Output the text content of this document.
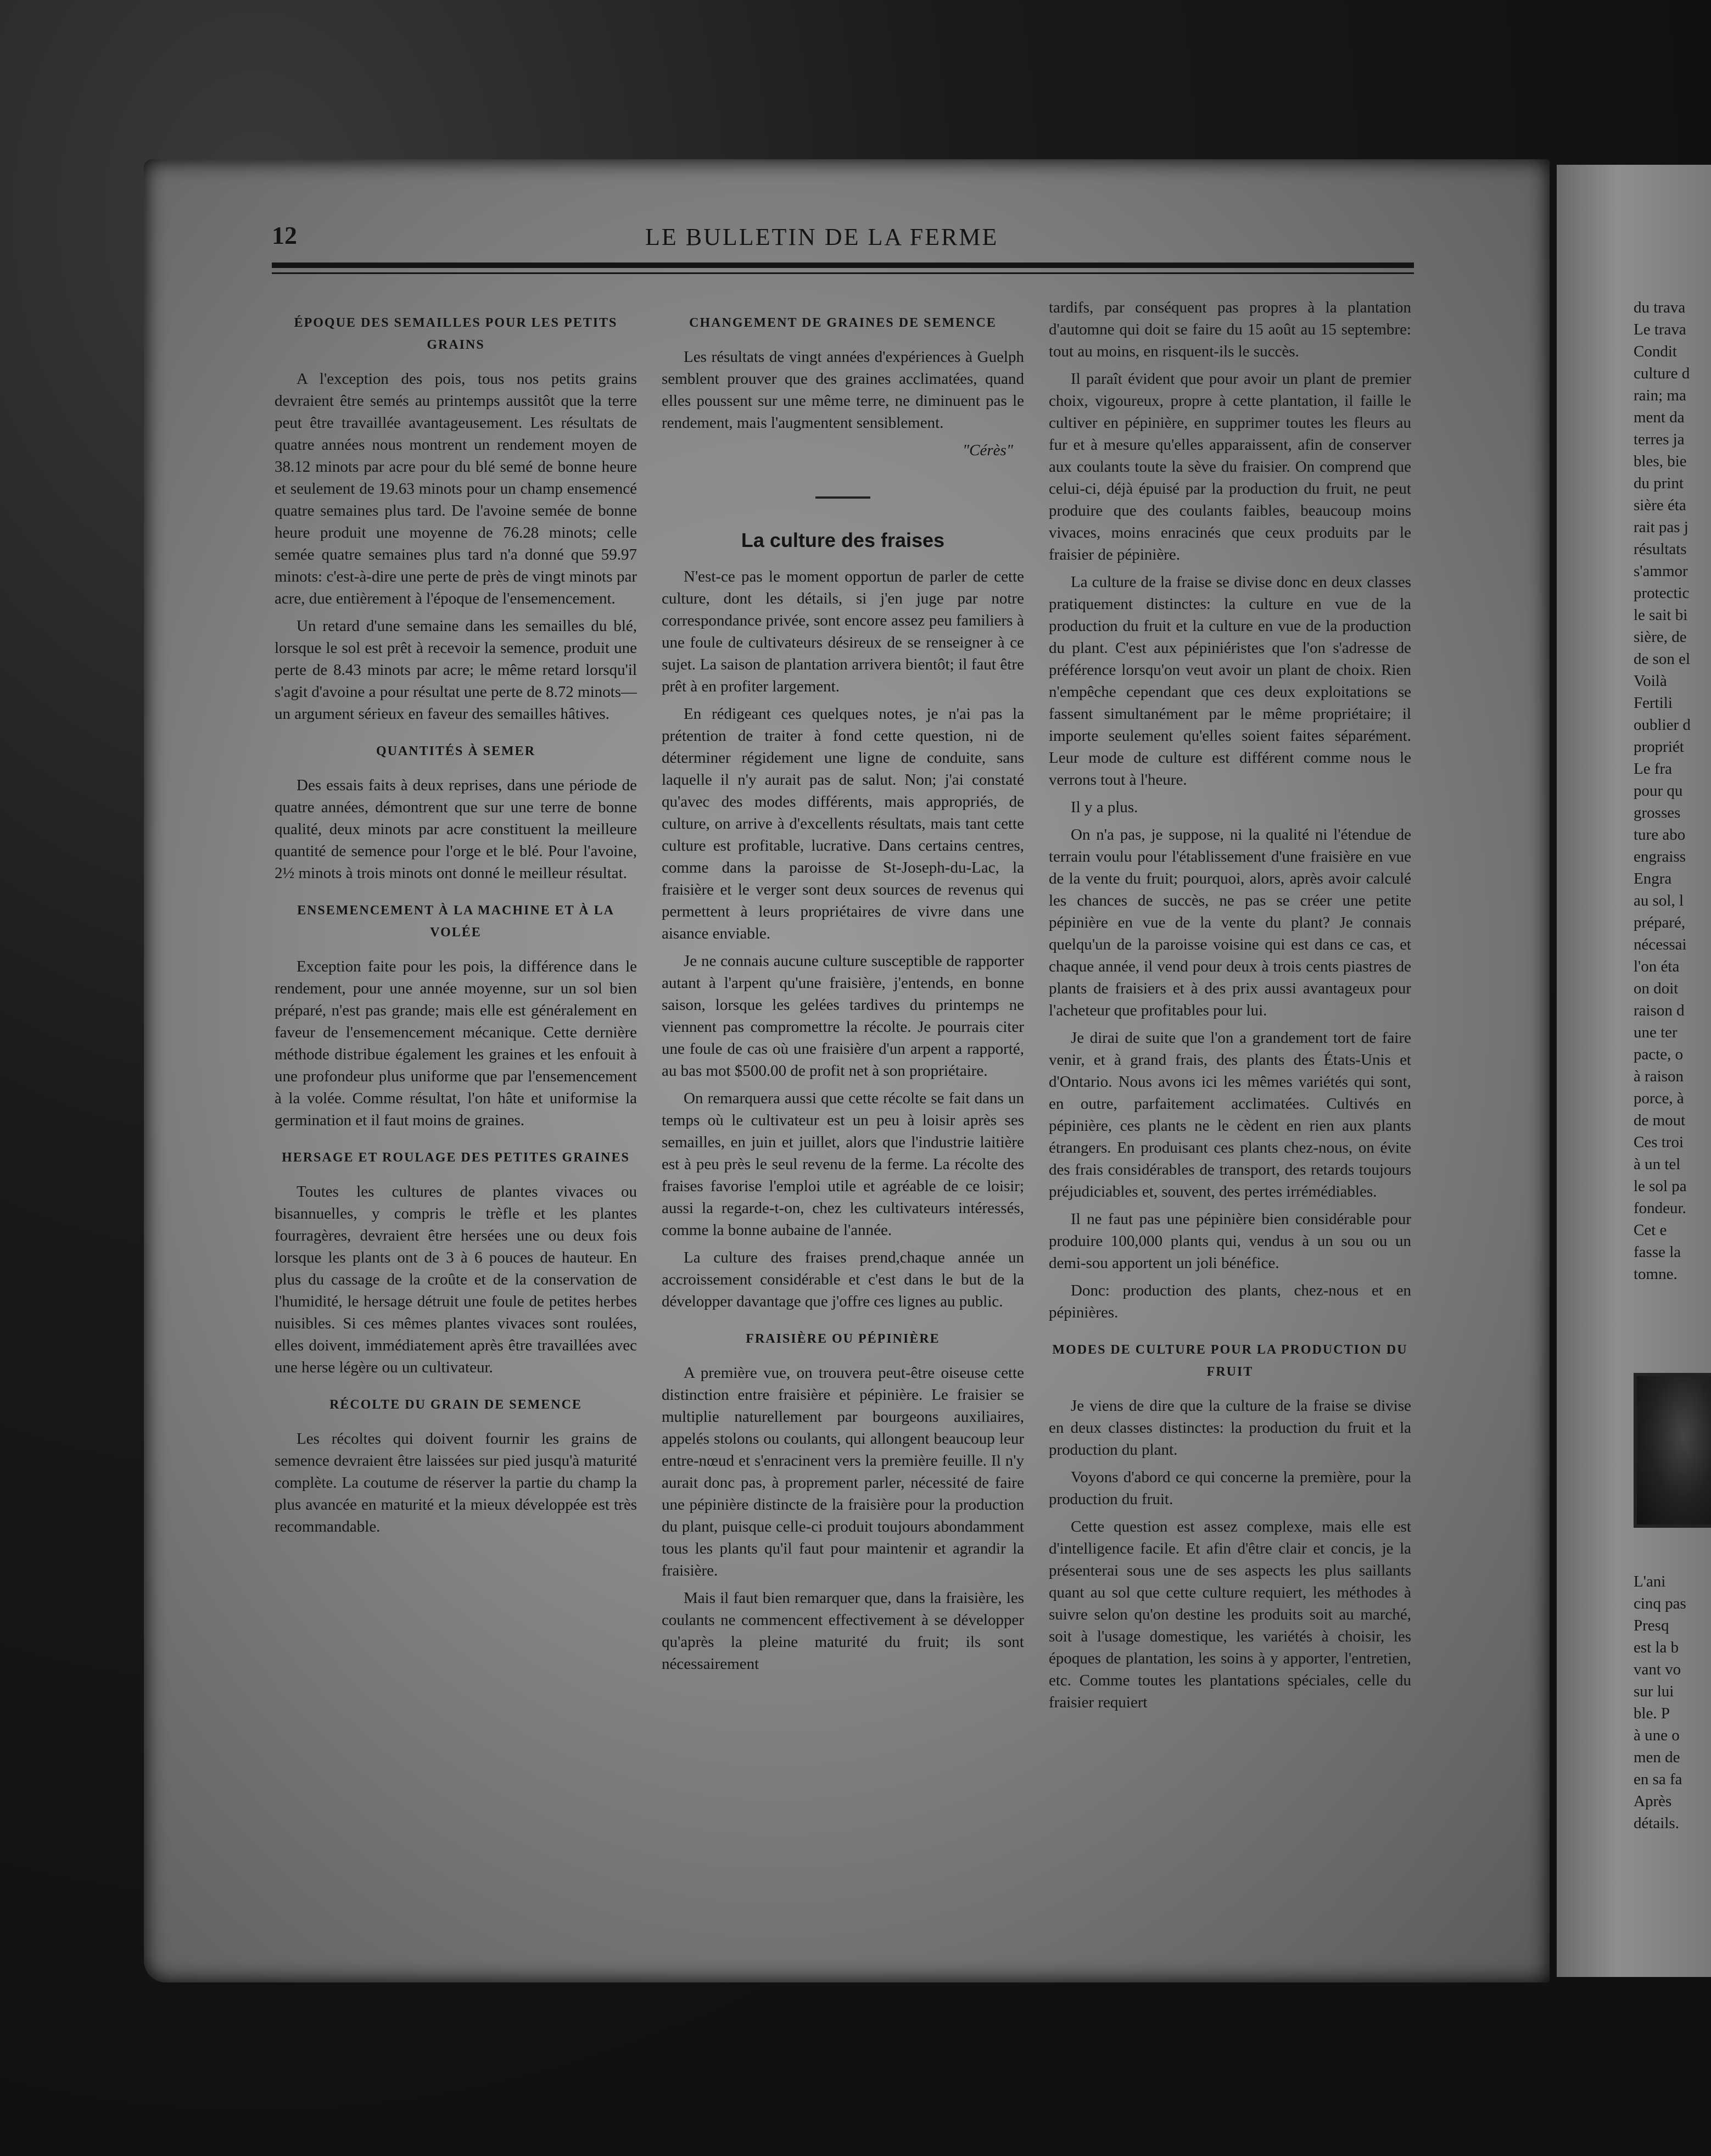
12	LE BULLETIN DE LA FERME
ÉPOQUE DES SEMAILLES POUR LES PETITS GRAINS

A l'exception des pois, tous nos petits grains devraient être semés au printemps aussitôt que la terre peut être travaillée avantageusement. Les résultats de quatre années nous montrent un rendement moyen de 38.12 minots par acre pour du blé semé de bonne heure et seulement de 19.63 minots pour un champ ensemencé quatre semaines plus tard. De l'avoine semée de bonne heure produit une moyenne de 76.28 minots; celle semée quatre semaines plus tard n'a donné que 59.97 minots: c'est-à-dire une perte de près de vingt minots par acre, due entièrement à l'époque de l'ensemencement.

Un retard d'une semaine dans les semailles du blé, lorsque le sol est prêt à recevoir la semence, produit une perte de 8.43 minots par acre; le même retard lorsqu'il s'agit d'avoine a pour résultat une perte de 8.72 minots—un argument sérieux en faveur des semailles hâtives.

QUANTITÉS À SEMER

Des essais faits à deux reprises, dans une période de quatre années, démontrent que sur une terre de bonne qualité, deux minots par acre constituent la meilleure quantité de semence pour l'orge et le blé. Pour l'avoine, 2½ minots à trois minots ont donné le meilleur résultat.

ENSEMENCEMENT À LA MACHINE ET À LA VOLÉE

Exception faite pour les pois, la différence dans le rendement, pour une année moyenne, sur un sol bien préparé, n'est pas grande; mais elle est généralement en faveur de l'ensemencement mécanique. Cette dernière méthode distribue également les graines et les enfouit à une profondeur plus uniforme que par l'ensemencement à la volée. Comme résultat, l'on hâte et uniformise la germination et il faut moins de graines.

HERSAGE ET ROULAGE DES PETITES GRAINES

Toutes les cultures de plantes vivaces ou bisannuelles, y compris le trèfle et les plantes fourragères, devraient être hersées une ou deux fois lorsque les plants ont de 3 à 6 pouces de hauteur. En plus du cassage de la croûte et de la conservation de l'humidité, le hersage détruit une foule de petites herbes nuisibles. Si ces mêmes plantes vivaces sont roulées, elles doivent, immédiatement après être travaillées avec une herse légère ou un cultivateur.

RÉCOLTE DU GRAIN DE SEMENCE

Les récoltes qui doivent fournir les grains de semence devraient être laissées sur pied jusqu'à maturité complète. La coutume de réserver la partie du champ la plus avancée en maturité et la mieux développée est très recommandable.

CHANGEMENT DE GRAINES DE SEMENCE

Les résultats de vingt années d'expériences à Guelph semblent prouver que des graines acclimatées, quand elles poussent sur une même terre, ne diminuent pas le rendement, mais l'augmentent sensiblement.

"Cérès"
La culture des fraises

N'est-ce pas le moment opportun de parler de cette culture, dont les détails, si j'en juge par notre correspondance privée, sont encore assez peu familiers à une foule de cultivateurs désireux de se renseigner à ce sujet. La saison de plantation arrivera bientôt; il faut être prêt à en profiter largement.

En rédigeant ces quelques notes, je n'ai pas la prétention de traiter à fond cette question, ni de déterminer régidement une ligne de conduite, sans laquelle il n'y aurait pas de salut. Non; j'ai constaté qu'avec des modes différents, mais appropriés, de culture, on arrive à d'excellents résultats, mais tant cette culture est profitable, lucrative. Dans certains centres, comme dans la paroisse de St-Joseph-du-Lac, la fraisière et le verger sont deux sources de revenus qui permettent à leurs propriétaires de vivre dans une aisance enviable.

Je ne connais aucune culture susceptible de rapporter autant à l'arpent qu'une fraisière, j'entends, en bonne saison, lorsque les gelées tardives du printemps ne viennent pas compromettre la récolte. Je pourrais citer une foule de cas où une fraisière d'un arpent a rapporté, au bas mot $500.00 de profit net à son propriétaire.

On remarquera aussi que cette récolte se fait dans un temps où le cultivateur est un peu à loisir après ses semailles, en juin et juillet, alors que l'industrie laitière est à peu près le seul revenu de la ferme. La récolte des fraises favorise l'emploi utile et agréable de ce loisir; aussi la regarde-t-on, chez les cultivateurs intéressés, comme la bonne aubaine de l'année.

La culture des fraises prend,chaque année un accroissement considérable et c'est dans le but de la développer davantage que j'offre ces lignes au public.

FRAISIÈRE OU PÉPINIÈRE

A première vue, on trouvera peut-être oiseuse cette distinction entre fraisière et pépinière. Le fraisier se multiplie naturellement par bourgeons auxiliaires, appelés stolons ou coulants, qui allongent beaucoup leur entre-nœud et s'enracinent vers la première feuille. Il n'y aurait donc pas, à proprement parler, nécessité de faire une pépinière distincte de la fraisière pour la production du plant, puisque celle-ci produit toujours abondamment tous les plants qu'il faut pour maintenir et agrandir la fraisière.

Mais il faut bien remarquer que, dans la fraisière, les coulants ne commencent effectivement à se développer qu'après la pleine maturité du fruit; ils sont nécessairement

tardifs, par conséquent pas propres à la plantation d'automne qui doit se faire du 15 août au 15 septembre: tout au moins, en risquent-ils le succès.

Il paraît évident que pour avoir un plant de premier choix, vigoureux, propre à cette plantation, il faille le cultiver en pépinière, en supprimer toutes les fleurs au fur et à mesure qu'elles apparaissent, afin de conserver aux coulants toute la sève du fraisier. On comprend que celui-ci, déjà épuisé par la production du fruit, ne peut produire que des coulants faibles, beaucoup moins vivaces, moins enracinés que ceux produits par le fraisier de pépinière.

La culture de la fraise se divise donc en deux classes pratiquement distinctes: la culture en vue de la production du fruit et la culture en vue de la production du plant. C'est aux pépiniéristes que l'on s'adresse de préférence lorsqu'on veut avoir un plant de choix. Rien n'empêche cependant que ces deux exploitations se fassent simultanément par le même propriétaire; il importe seulement qu'elles soient faites séparément. Leur mode de culture est différent comme nous le verrons tout à l'heure.

Il y a plus.

On n'a pas, je suppose, ni la qualité ni l'étendue de terrain voulu pour l'établissement d'une fraisière en vue de la vente du fruit; pourquoi, alors, après avoir calculé les chances de succès, ne pas se créer une petite pépinière en vue de la vente du plant? Je connais quelqu'un de la paroisse voisine qui est dans ce cas, et chaque année, il vend pour deux à trois cents piastres de plants de fraisiers et à des prix aussi avantageux pour l'acheteur que profitables pour lui.

Je dirai de suite que l'on a grandement tort de faire venir, et à grand frais, des plants des États-Unis et d'Ontario. Nous avons ici les mêmes variétés qui sont, en outre, parfaitement acclimatées. Cultivés en pépinière, ces plants ne le cèdent en rien aux plants étrangers. En produisant ces plants chez-nous, on évite des frais considérables de transport, des retards toujours préjudiciables et, souvent, des pertes irrémédiables.

Il ne faut pas une pépinière bien considérable pour produire 100,000 plants qui, vendus à un sou ou un demi-sou apportent un joli bénéfice.

Donc: production des plants, chez-nous et en pépinières.

MODES DE CULTURE POUR LA PRODUCTION DU FRUIT

Je viens de dire que la culture de la fraise se divise en deux classes distinctes: la production du fruit et la production du plant.

Voyons d'abord ce qui concerne la première, pour la production du fruit.

Cette question est assez complexe, mais elle est d'intelligence facile. Et afin d'être clair et concis, je la présenterai sous une de ses aspects les plus saillants quant au sol que cette culture requiert, les méthodes à suivre selon qu'on destine les produits soit au marché, soit à l'usage domestique, les variétés à choisir, les époques de plantation, les soins à y apporter, l'entretien, etc. Comme toutes les plantations spéciales, celle du fraisier requiert

du trava
Le trava
Condit
culture d
rain; ma
ment da
terres ja
bles, bie
du print
sière éta
rait pas j
résultats
s'ammor
protectic
le sait bi
sière, de
de son el
Voilà
Fertili
oublier d
propriét
Le fra
pour qu
grosses
ture abo
engraiss
Engra
au sol, l
préparé,
nécessai
l'on éta
on doit
raison d
une ter
pacte, o
à raison
porce, à
de mout
Ces troi
à un tel
le sol pa
fondeur.
Cet e
fasse la
tomne.
L'ani
cinq pas
Presq
est la b
vant vo
sur lui
ble. P
à une o
men de
en sa fa
Après
détails.
